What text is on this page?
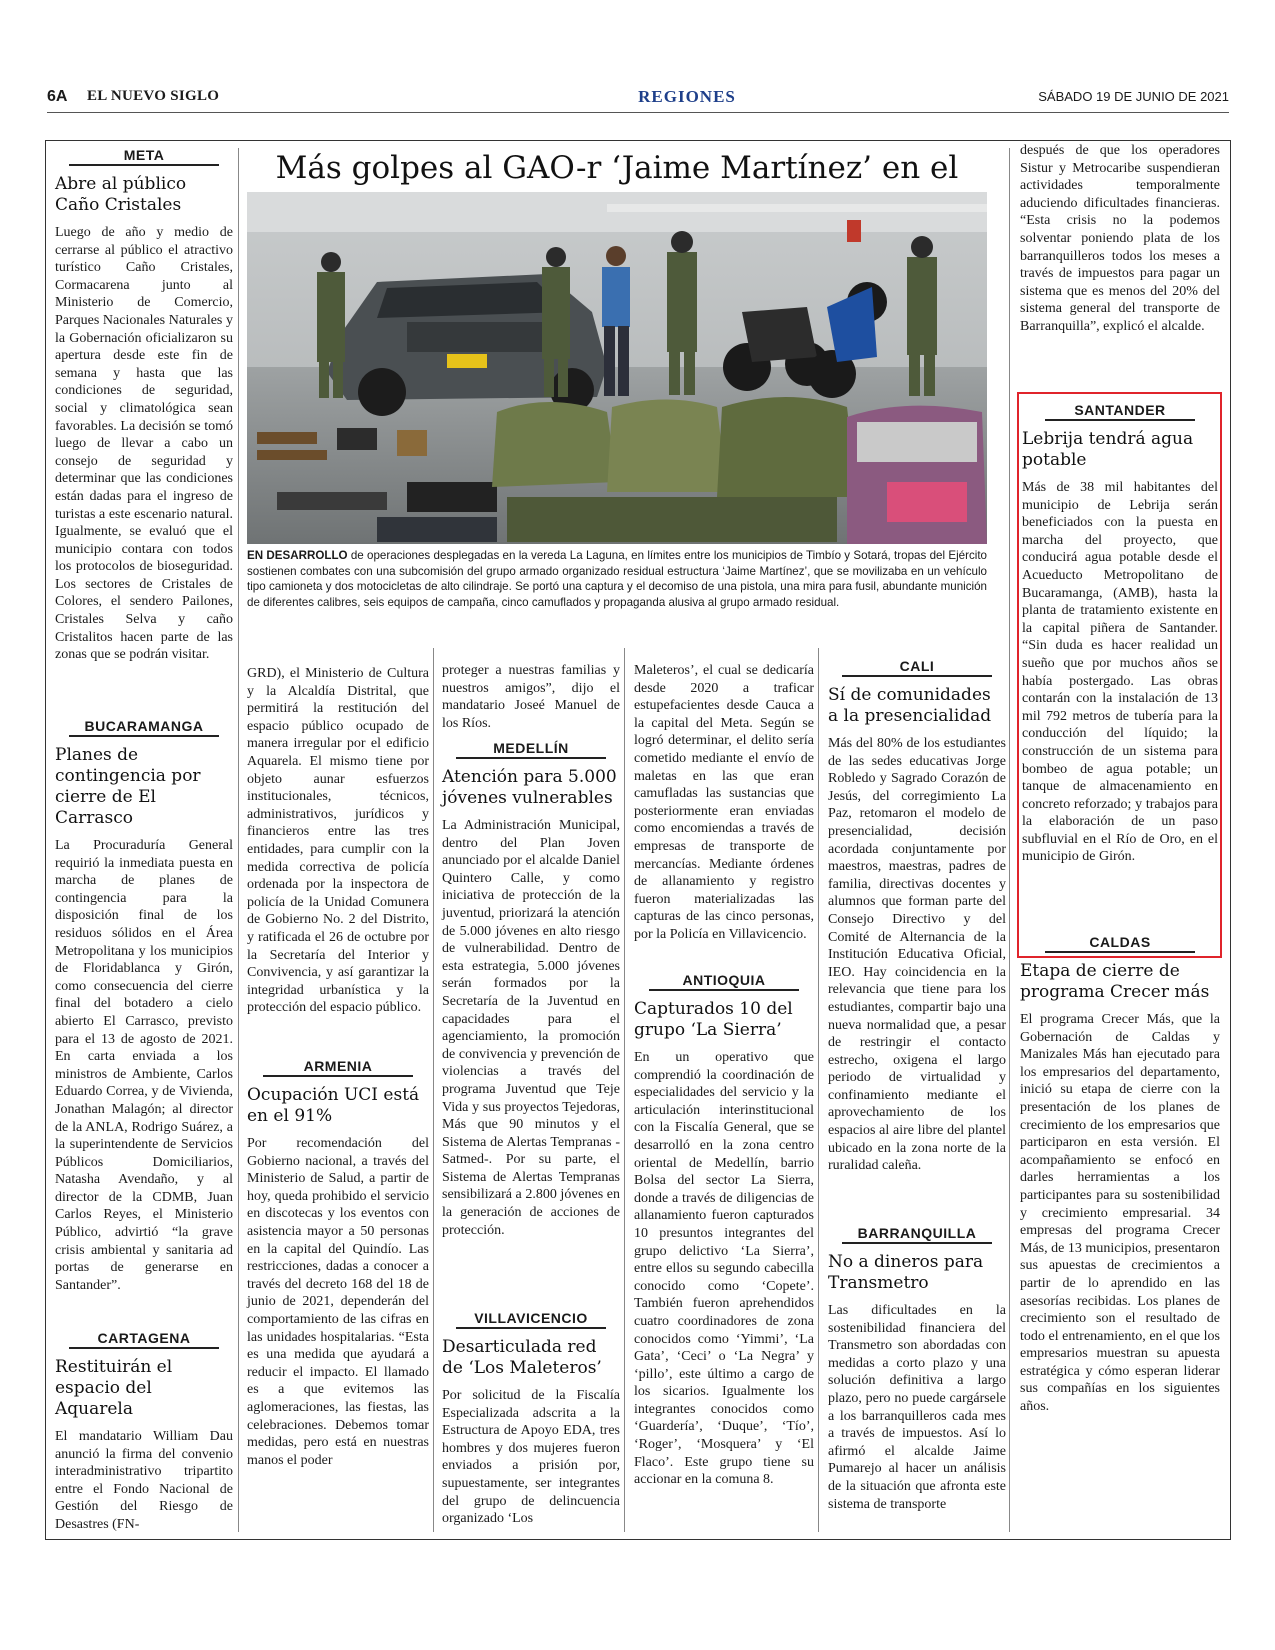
6A EL NUEVO SIGLO	REGIONES	SÁBADO 19 DE JUNIO DE 2021
META
Abre al público Caño Cristales
Luego de año y medio de cerrarse al público el atractivo turístico Caño Cristales, Cormacarena junto al Ministerio de Comercio, Parques Nacionales Naturales y la Gobernación oficializaron su apertura desde este fin de semana y hasta que las condiciones de seguridad, social y climatológica sean favorables. La decisión se tomó luego de llevar a cabo un consejo de seguridad y determinar que las condiciones están dadas para el ingreso de turistas a este escenario natural. Igualmente, se evaluó que el municipio contara con todos los protocolos de bioseguridad. Los sectores de Cristales de Colores, el sendero Pailones, Cristales Selva y caño Cristalitos hacen parte de las zonas que se podrán visitar.
BUCARAMANGA
Planes de contingencia por cierre de El Carrasco
La Procuraduría General requirió la inmediata puesta en marcha de planes de contingencia para la disposición final de los residuos sólidos en el Área Metropolitana y los municipios de Floridablanca y Girón, como consecuencia del cierre final del botadero a cielo abierto El Carrasco, previsto para el 13 de agosto de 2021. En carta enviada a los ministros de Ambiente, Carlos Eduardo Correa, y de Vivienda, Jonathan Malagón; al director de la ANLA, Rodrigo Suárez, a la superintendente de Servicios Públicos Domiciliarios, Natasha Avendaño, y al director de la CDMB, Juan Carlos Reyes, el Ministerio Público, advirtió “la grave crisis ambiental y sanitaria ad portas de generarse en Santander”.
CARTAGENA
Restituirán el espacio del Aquarela
El mandatario William Dau anunció la firma del convenio interadministrativo tripartito entre el Fondo Nacional de Gestión del Riesgo de Desastres (FN-
Más golpes al GAO-r ‘Jaime Martínez’ en el
EN DESARROLLO de operaciones desplegadas en la vereda La Laguna, en límites entre los municipios de Timbío y Sotará, tropas del Ejército sostienen combates con una subcomisión del grupo armado organizado residual estructura ‘Jaime Martínez’, que se movilizaba en un vehículo tipo camioneta y dos motocicletas de alto cilindraje. Se portó una captura y el decomiso de una pistola, una mira para fusil, abundante munición de diferentes calibres, seis equipos de campaña, cinco camuflados y propaganda alusiva al grupo armado residual.
GRD), el Ministerio de Cultura y la Alcaldía Distrital, que permitirá la restitución del espacio público ocupado de manera irregular por el edificio Aquarela. El mismo tiene por objeto aunar esfuerzos institucionales, técnicos, administrativos, jurídicos y financieros entre las tres entidades, para cumplir con la medida correctiva de policía ordenada por la inspectora de policía de la Unidad Comunera de Gobierno No. 2 del Distrito, y ratificada el 26 de octubre por la Secretaría del Interior y Convivencia, y así garantizar la integridad urbanística y la protección del espacio público.
ARMENIA
Ocupación UCI está en el 91%
Por recomendación del Gobierno nacional, a través del Ministerio de Salud, a partir de hoy, queda prohibido el servicio en discotecas y los eventos con asistencia mayor a 50 personas en la capital del Quindío. Las restricciones, dadas a conocer a través del decreto 168 del 18 de junio de 2021, dependerán del comportamiento de las cifras en las unidades hospitalarias. “Esta es una medida que ayudará a reducir el impacto. El llamado es a que evitemos las aglomeraciones, las fiestas, las celebraciones. Debemos tomar medidas, pero está en nuestras manos el poder
proteger a nuestras familias y nuestros amigos”, dijo el mandatario Joseé Manuel de los Ríos.
MEDELLÍN
Atención para 5.000 jóvenes vulnerables
La Administración Municipal, dentro del Plan Joven anunciado por el alcalde Daniel Quintero Calle, y como iniciativa de protección de la juventud, priorizará la atención de 5.000 jóvenes en alto riesgo de vulnerabilidad. Dentro de esta estrategia, 5.000 jóvenes serán formados por la Secretaría de la Juventud en capacidades para el agenciamiento, la promoción de convivencia y prevención de violencias a través del programa Juventud que Teje Vida y sus proyectos Tejedoras, Más que 90 minutos y el Sistema de Alertas Tempranas -Satmed-. Por su parte, el Sistema de Alertas Tempranas sensibilizará a 2.800 jóvenes en la generación de acciones de protección.
VILLAVICENCIO
Desarticulada red de ‘Los Maleteros’
Por solicitud de la Fiscalía Especializada adscrita a la Estructura de Apoyo EDA, tres hombres y dos mujeres fueron enviados a prisión por, supuestamente, ser integrantes del grupo de delincuencia organizado ‘Los
Maleteros’, el cual se dedicaría desde 2020 a traficar estupefacientes desde Cauca a la capital del Meta. Según se logró determinar, el delito sería cometido mediante el envío de maletas en las que eran camufladas las sustancias que posteriormente eran enviadas como encomiendas a través de empresas de transporte de mercancías. Mediante órdenes de allanamiento y registro fueron materializadas las capturas de las cinco personas, por la Policía en Villavicencio.
ANTIOQUIA
Capturados 10 del grupo ‘La Sierra’
En un operativo que comprendió la coordinación de especialidades del servicio y la articulación interinstitucional con la Fiscalía General, que se desarrolló en la zona centro oriental de Medellín, barrio Bolsa del sector La Sierra, donde a través de diligencias de allanamiento fueron capturados 10 presuntos integrantes del grupo delictivo ‘La Sierra’, entre ellos su segundo cabecilla conocido como ‘Copete’. También fueron aprehendidos cuatro coordinadores de zona conocidos como ‘Yimmi’, ‘La Gata’, ‘Ceci’ o ‘La Negra’ y ‘pillo’, este último a cargo de los sicarios. Igualmente los integrantes conocidos como ‘Guardería’, ‘Duque’, ‘Tío’, ‘Roger’, ‘Mosquera’ y ‘El Flaco’. Este grupo tiene su accionar en la comuna 8.
CALI
Sí de comunidades a la presencialidad
Más del 80% de los estudiantes de las sedes educativas Jorge Robledo y Sagrado Corazón de Jesús, del corregimiento La Paz, retomaron el modelo de presencialidad, decisión acordada conjuntamente por maestros, maestras, padres de familia, directivas docentes y alumnos que forman parte del Consejo Directivo y del Comité de Alternancia de la Institución Educativa Oficial, IEO. Hay coincidencia en la relevancia que tiene para los estudiantes, compartir bajo una nueva normalidad que, a pesar de restringir el contacto estrecho, oxigena el largo periodo de virtualidad y confinamiento mediante el aprovechamiento de los espacios al aire libre del plantel ubicado en la zona norte de la ruralidad caleña.
BARRANQUILLA
No a dineros para Transmetro
Las dificultades en la sostenibilidad financiera del Transmetro son abordadas con medidas a corto plazo y una solución definitiva a largo plazo, pero no puede cargársele a los barranquilleros cada mes a través de impuestos. Así lo afirmó el alcalde Jaime Pumarejo al hacer un análisis de la situación que afronta este sistema de transporte
después de que los operadores Sistur y Metrocaribe suspendieran actividades temporalmente aduciendo dificultades financieras. “Esta crisis no la podemos solventar poniendo plata de los barranquilleros todos los meses a través de impuestos para pagar un sistema que es menos del 20% del sistema general del transporte de Barranquilla”, explicó el alcalde.
SANTANDER
Lebrija tendrá agua potable
Más de 38 mil habitantes del municipio de Lebrija serán beneficiados con la puesta en marcha del proyecto, que conducirá agua potable desde el Acueducto Metropolitano de Bucaramanga, (AMB), hasta la planta de tratamiento existente en la capital piñera de Santander. “Sin duda es hacer realidad un sueño que por muchos años se había postergado. Las obras contarán con la instalación de 13 mil 792 metros de tubería para la conducción del líquido; la construcción de un sistema para bombeo de agua potable; un tanque de almacenamiento en concreto reforzado; y trabajos para la elaboración de un paso subfluvial en el Río de Oro, en el municipio de Girón.
CALDAS
Etapa de cierre de programa Crecer más
El programa Crecer Más, que la Gobernación de Caldas y Manizales Más han ejecutado para los empresarios del departamento, inició su etapa de cierre con la presentación de los planes de crecimiento de los empresarios que participaron en esta versión. El acompañamiento se enfocó en darles herramientas a los participantes para su sostenibilidad y crecimiento empresarial. 34 empresas del programa Crecer Más, de 13 municipios, presentaron sus apuestas de crecimientos a partir de lo aprendido en las asesorías recibidas. Los planes de crecimiento son el resultado de todo el entrenamiento, en el que los empresarios muestran su apuesta estratégica y cómo esperan liderar sus compañías en los siguientes años.
